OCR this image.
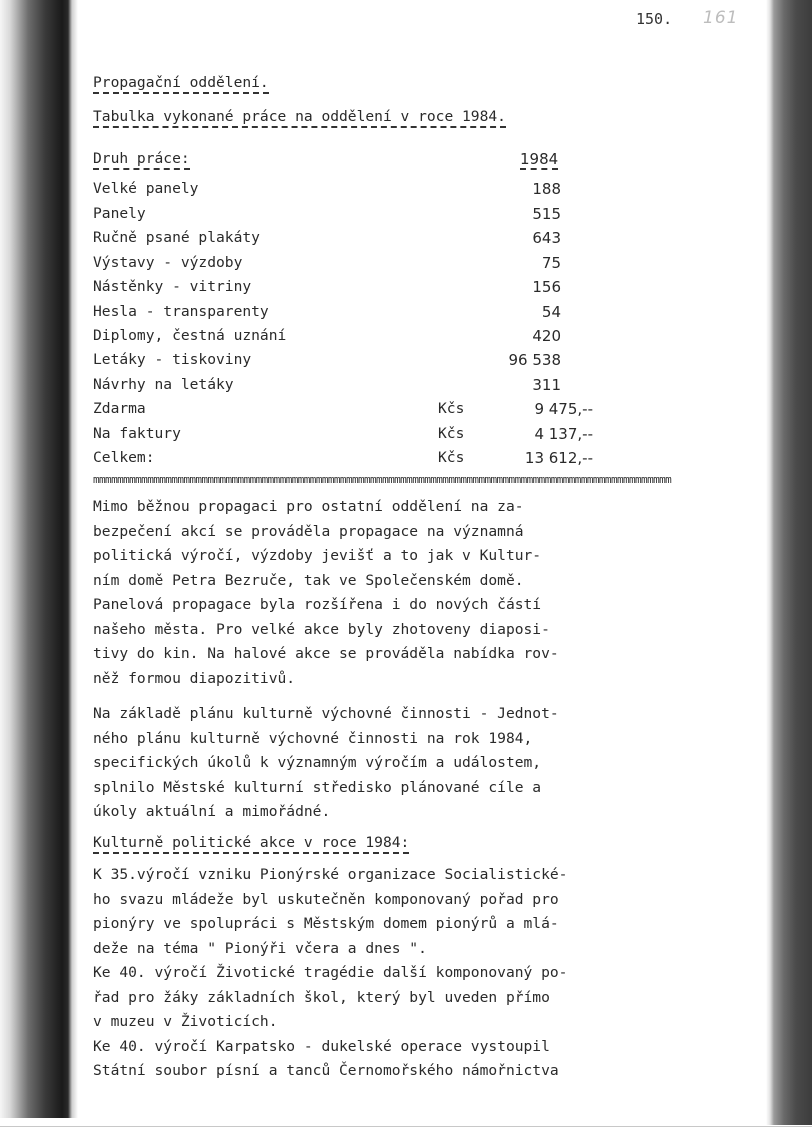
150. 161
Propagační oddělení.
Tabulka vykonané práce na oddělení v roce 1984.
Druh práce:	1984
Velké panely	188
Panely	515
Ručně psané plakáty	643
Výstavy - výzdoby	75
Nástěnky - vitriny	156
Hesla - transparenty	54
Diplomy, čestná uznání	420
Letáky - tiskoviny	96 538
Návrhy na letáky	311
Zdarma	Kčs	9 475,--
Na faktury	Kčs	4 137,--
Celkem:	Kčs	13 612,--
mmmmmmmmmmmmmmmmmmmmmmmmmmmmmmmmmmmmmmmmmmmmmmmmmmmmmmmmmmmmmmmmmmmmmmmmmmmmmmmmmmmmmmmmmmmmmmmm
Mimo běžnou propagaci pro ostatní oddělení na za-
bezpečení akcí se prováděla propagace na významná
politická výročí, výzdoby jevišť a to jak v Kultur-
ním domě Petra Bezruče, tak ve Společenském domě.
Panelová propagace byla rozšířena i do nových částí
našeho města. Pro velké akce byly zhotoveny diaposi-
tivy do kin. Na halové akce se prováděla nabídka rov-
něž formou diapozitivů.
Na základě plánu kulturně výchovné činnosti - Jednot-
ného plánu kulturně výchovné činnosti na rok 1984,
specifických úkolů k významným výročím a událostem,
splnilo Městské kulturní středisko plánované cíle a
úkoly aktuální a mimořádné.
Kulturně politické akce v roce 1984:
K 35.výročí vzniku Pionýrské organizace Socialistické-
ho svazu mládeže byl uskutečněn komponovaný pořad pro
pionýry ve spolupráci s Městským domem pionýrů a mlá-
deže na téma " Pionýři včera a dnes ".
Ke 40. výročí Životické tragédie další komponovaný po-
řad pro žáky základních škol, který byl uveden přímo
v muzeu v Životicích.
Ke 40. výročí Karpatsko - dukelské operace vystoupil
Státní soubor písní a tanců Černomořského námořnictva
